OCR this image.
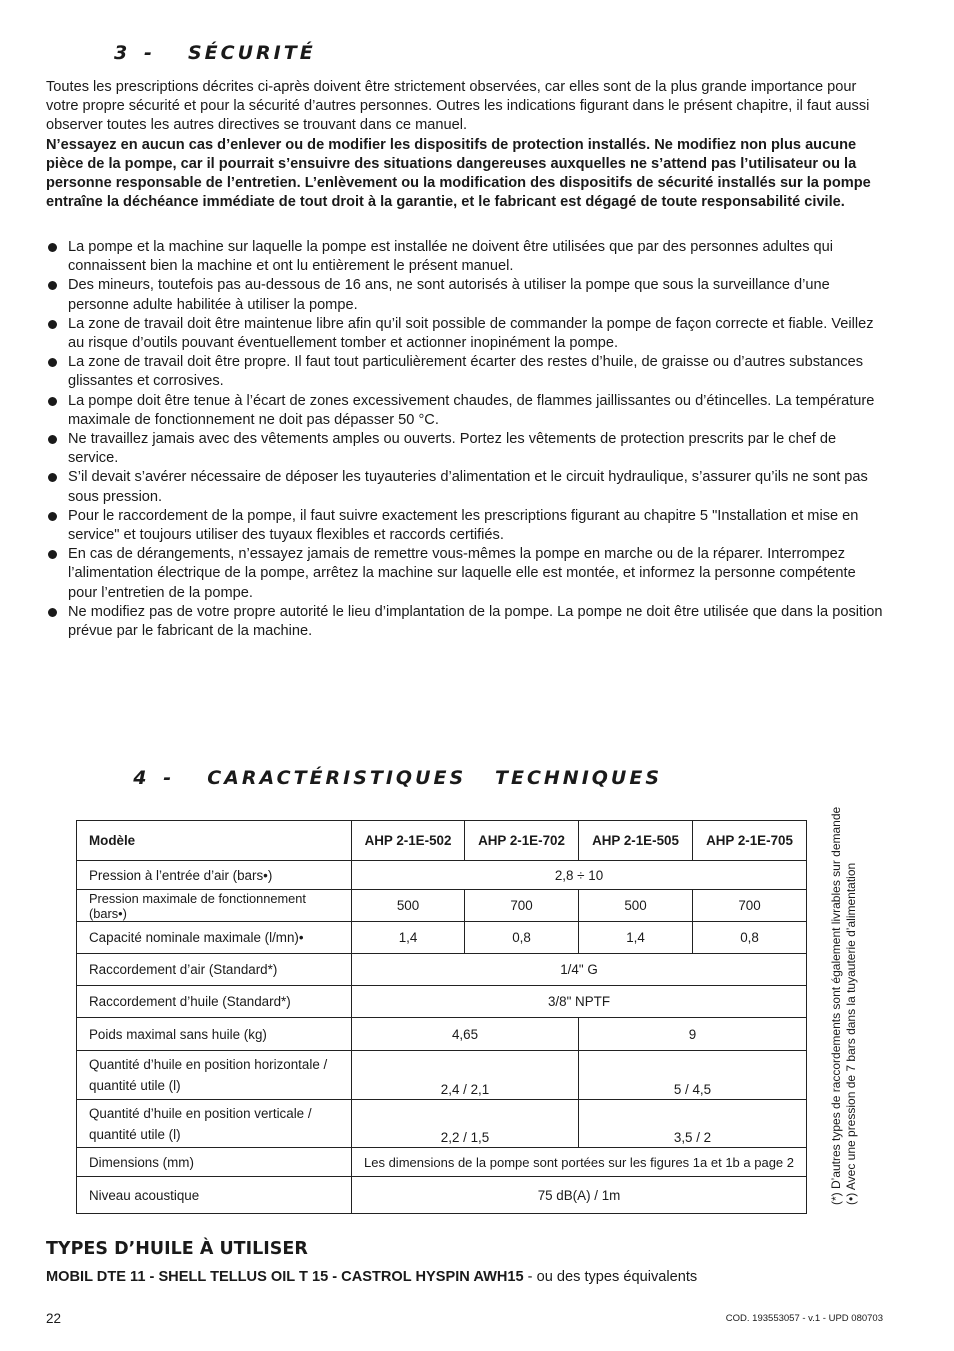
3 - SÉCURITÉ

Toutes les prescriptions décrites ci-après doivent être strictement observées, car elles sont de la plus grande importance pour votre propre sécurité et pour la sécurité d’autres personnes. Outres les indications figurant dans le présent chapitre, il faut aussi observer toutes les autres directives se trouvant dans ce manuel.

N’essayez en aucun cas d’enlever ou de modifier les dispositifs de protection installés. Ne modifiez non plus aucune pièce de la pompe, car il pourrait s’ensuivre des situations dangereuses auxquelles ne s’attend pas l’utilisateur ou la personne responsable de l’entretien. L’enlèvement ou la modification des dispositifs de sécurité installés sur la pompe entraîne la déchéance immédiate de tout droit à la garantie, et le fabricant est dégagé de toute responsabilité civile.

La pompe et la machine sur laquelle la pompe est installée ne doivent être utilisées que par des personnes adultes qui connaissent bien la machine et ont lu entièrement le présent manuel.
Des mineurs, toutefois pas au-dessous de 16 ans, ne sont autorisés à utiliser la pompe que sous la surveillance d’une personne adulte habilitée à utiliser la pompe.
La zone de travail doit être maintenue libre afin qu’il soit possible de commander la pompe de façon correcte et fiable. Veillez au risque d’outils pouvant éventuellement tomber et actionner inopinément la pompe.
La zone de travail doit être propre. Il faut tout particulièrement écarter des restes d’huile, de graisse ou d’autres substances glissantes et corrosives.
La pompe doit être tenue à l’écart de zones excessivement chaudes, de flammes jaillissantes ou d’étincelles. La température maximale de fonctionnement ne doit pas dépasser 50 °C.
Ne travaillez jamais avec des vêtements amples ou ouverts. Portez les vêtements de protection prescrits par le chef de service.
S’il devait s’avérer nécessaire de déposer les tuyauteries d’alimentation et le circuit hydraulique, s’assurer qu’ils ne sont pas sous pression.
Pour le raccordement de la pompe, il faut suivre exactement les prescriptions figurant au chapitre 5 "Installation et mise en service" et toujours utiliser des tuyaux flexibles et raccords certifiés.
En cas de dérangements, n’essayez jamais de remettre vous-mêmes la pompe en marche ou de la réparer. Interrompez l’alimentation électrique de la pompe, arrêtez la machine sur laquelle elle est montée, et informez la personne compétente pour l’entretien de la pompe.
Ne modifiez pas de votre propre autorité le lieu d’implantation de la pompe. La pompe ne doit être utilisée que dans la position prévue par le fabricant de la machine.

4 - CARACTÉRISTIQUES   TECHNIQUES

Modèle	AHP 2-1E-502	AHP 2-1E-702	AHP 2-1E-505	AHP 2-1E-705
Pression à l’entrée d’air (bars•)	2,8 ÷ 10			
Pression maximale de fonctionnement (bars•)	500	700	500	700
Capacité nominale maximale (l/mn)•	1,4	0,8	1,4	0,8
Raccordement d’air (Standard*)	1/4" G			
Raccordement d’huile (Standard*)	3/8" NPTF			
Poids maximal sans huile (kg)	4,65		9	

Quantité d’huile en position horizontale /
quantité utile (l)	2,4 / 2,1		5 / 4,5	

Quantité d’huile en position verticale /
quantité utile (l)	2,2 / 1,5		3,5 / 2	
Dimensions (mm)	Les dimensions de la pompe sont portées sur les figures 1a et 1b a page 2			
Niveau acoustique	75 dB(A) / 1m				(*) D’autres types de raccordements sont également livrables sur demande (•) Avec une pression de 7 bars dans la tuyauterie d’alimentation
TYPES D’HUILE À UTILISER
MOBIL DTE 11 - SHELL TELLUS OIL T 15 - CASTROL HYSPIN AWH15 - ou des types équivalents
22	COD. 193553057 - v.1 - UPD 080703
